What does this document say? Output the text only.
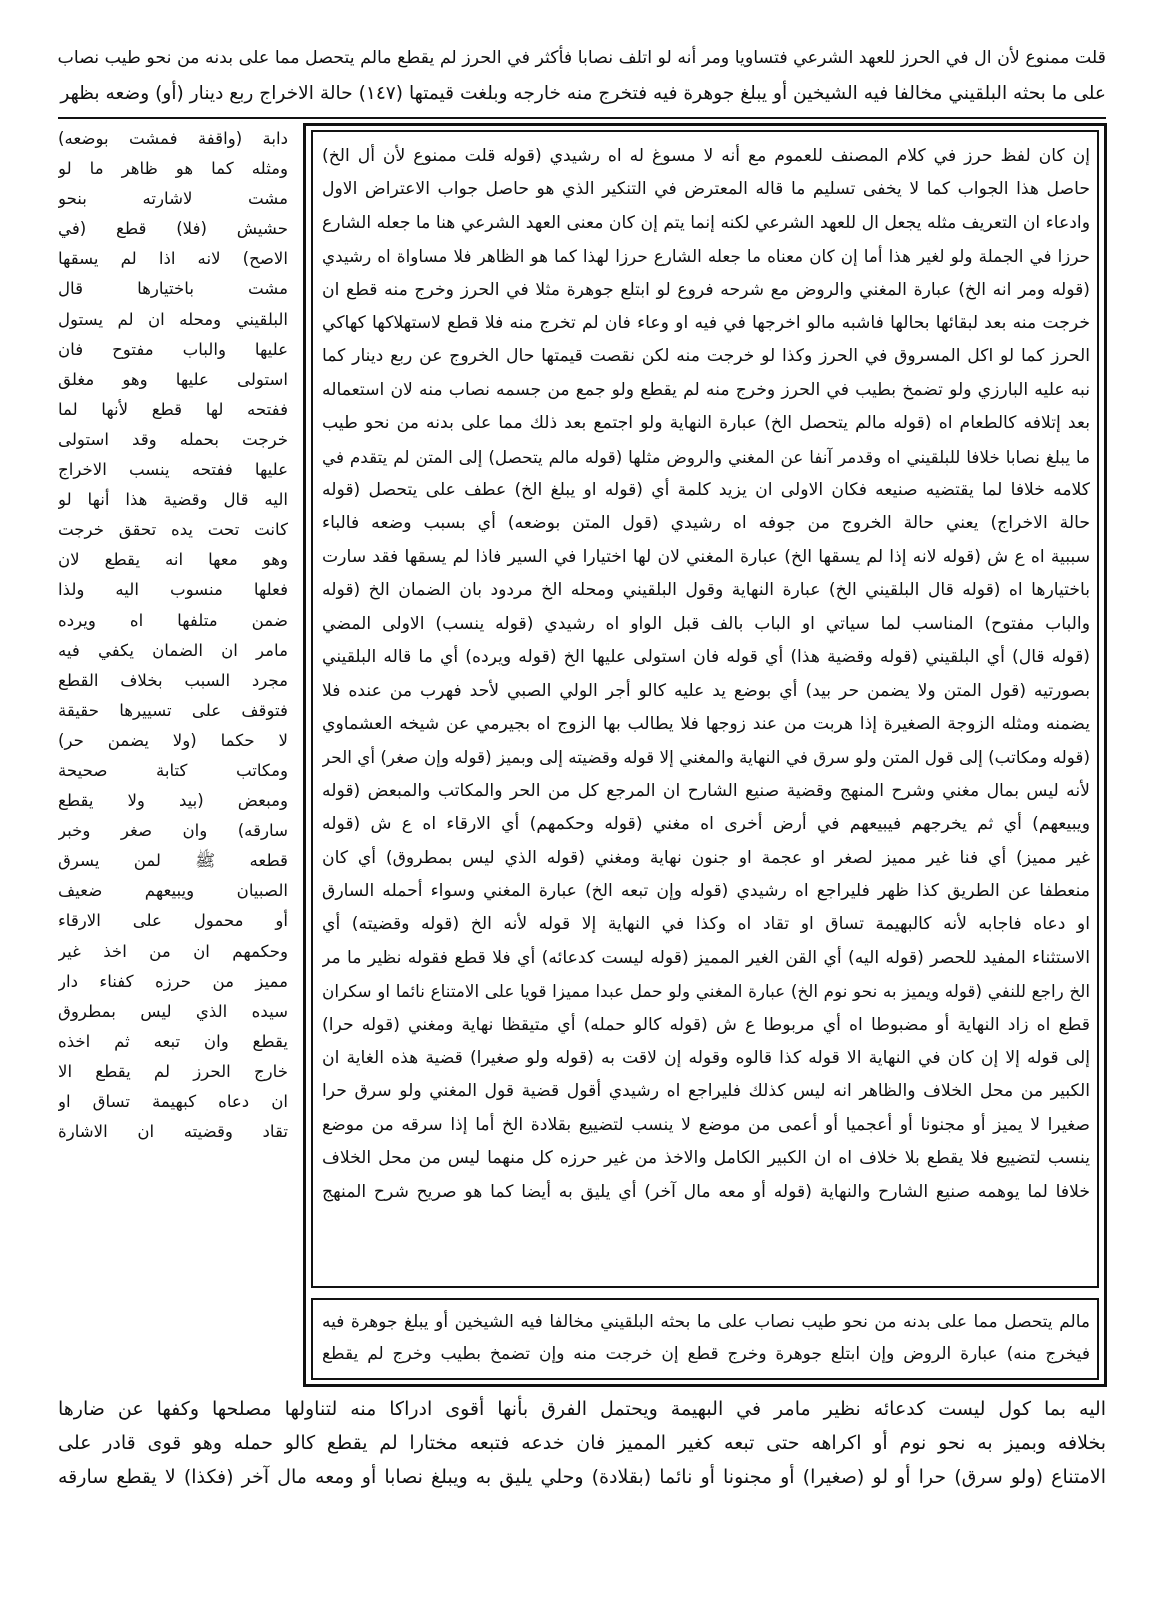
قلت ممنوع لأن ال في الحرز للعهد الشرعي فتساويا ومر أنه لو اتلف نصابا فأكثر في الحرز لم يقطع مالم يتحصل مما على بدنه من نحو طيب نصاب
على ما بحثه البلقيني مخالفا فيه الشيخين أو يبلغ جوهرة فيه فتخرج منه خارجه وبلغت قيمتها (١٤٧) حالة الاخراج ربع دينار (أو) وضعه بظهر
دابة (واقفة فمشت بوضعه)
ومثله كما هو ظاهر ما لو
مشت لاشارته بنحو
حشيش (فلا) قطع (في
الاصح) لانه اذا لم يسقها
مشت باختيارها قال
البلقيني ومحله ان لم يستول
عليها والباب مفتوح فان
استولى عليها وهو مغلق
ففتحه لها قطع لأنها لما
خرجت بحمله وقد استولى
عليها ففتحه ينسب الاخراج
اليه قال وقضية هذا أنها لو
كانت تحت يده تحقق خرجت
وهو معها انه يقطع لان
فعلها منسوب اليه ولذا
ضمن متلفها اه ويرده
مامر ان الضمان يكفي فيه
مجرد السبب بخلاف القطع
فتوقف على تسييرها حقيقة
لا حكما (ولا يضمن حر)
ومكاتب كتابة صحيحة
ومبعض (بيد ولا يقطع
سارقه) وان صغر وخبر
قطعه ﷺ لمن يسرق
الصبيان ويبيعهم ضعيف
أو محمول على الارقاء
وحكمهم ان من اخذ غير
مميز من حرزه كفناء دار
سيده الذي ليس بمطروق
يقطع وان تبعه ثم اخذه
خارج الحرز لم يقطع الا
ان دعاه كبهيمة تساق او
تقاد وقضيته ان الاشارة
إن كان لفظ حرز في كلام المصنف للعموم مع أنه لا مسوغ له اه رشيدي (قوله قلت ممنوع لأن أل الخ)
حاصل هذا الجواب كما لا يخفى تسليم ما قاله المعترض في التنكير الذي هو حاصل جواب الاعتراض الاول
وادعاء ان التعريف مثله يجعل ال للعهد الشرعي لكنه إنما يتم إن كان معنى العهد الشرعي هنا ما جعله الشارع
حرزا في الجملة ولو لغير هذا أما إن كان معناه ما جعله الشارع حرزا لهذا كما هو الظاهر فلا مساواة اه رشيدي
(قوله ومر انه الخ) عبارة المغني والروض مع شرحه فروع لو ابتلع جوهرة مثلا في الحرز وخرج منه قطع ان
خرجت منه بعد لبقائها بحالها فاشبه مالو اخرجها في فيه او وعاء فان لم تخرج منه فلا قطع لاستهلاكها كهاكي
الحرز كما لو اكل المسروق في الحرز وكذا لو خرجت منه لكن نقصت قيمتها حال الخروج عن ربع دينار كما
نبه عليه البارزي ولو تضمخ بطيب في الحرز وخرج منه لم يقطع ولو جمع من جسمه نصاب منه لان استعماله
بعد إتلافه كالطعام اه (قوله مالم يتحصل الخ) عبارة النهاية ولو اجتمع بعد ذلك مما على بدنه من نحو طيب
ما يبلغ نصابا خلافا للبلقيني اه وقدمر آنفا عن المغني والروض مثلها (قوله مالم يتحصل) إلى المتن لم يتقدم في
كلامه خلافا لما يقتضيه صنيعه فكان الاولى ان يزيد كلمة أي (قوله او يبلغ الخ) عطف على يتحصل (قوله
حالة الاخراج) يعني حالة الخروج من جوفه اه رشيدي (قول المتن بوضعه) أي بسبب وضعه فالباء
سببية اه ع ش (قوله لانه إذا لم يسقها الخ) عبارة المغني لان لها اختيارا في السير فاذا لم يسقها فقد سارت
باختيارها اه (قوله قال البلقيني الخ) عبارة النهاية وقول البلقيني ومحله الخ مردود بان الضمان الخ (قوله
والباب مفتوح) المناسب لما سياتي او الباب بالف قبل الواو اه رشيدي (قوله ينسب) الاولى المضي
(قوله قال) أي البلقيني (قوله وقضية هذا) أي قوله فان استولى عليها الخ (قوله ويرده) أي ما قاله البلقيني
بصورتيه (قول المتن ولا يضمن حر بيد) أي بوضع يد عليه كالو أجر الولي الصبي لأحد فهرب من عنده فلا
يضمنه ومثله الزوجة الصغيرة إذا هربت من عند زوجها فلا يطالب بها الزوج اه بجيرمي عن شيخه العشماوي
(قوله ومكاتب) إلى قول المتن ولو سرق في النهاية والمغني إلا قوله وقضيته إلى وبميز (قوله وإن صغر) أي الحر
لأنه ليس بمال مغني وشرح المنهج وقضية صنيع الشارح ان المرجع كل من الحر والمكاتب والمبعض (قوله
ويبيعهم) أي ثم يخرجهم فيبيعهم في أرض أخرى اه مغني (قوله وحكمهم) أي الارقاء اه ع ش (قوله
غير مميز) أي فنا غير مميز لصغر او عجمة او جنون نهاية ومغني (قوله الذي ليس بمطروق) أي كان
منعطفا عن الطريق كذا ظهر فليراجع اه رشيدي (قوله وإن تبعه الخ) عبارة المغني وسواء أحمله السارق
او دعاه فاجابه لأنه كالبهيمة تساق او تقاد اه وكذا في النهاية إلا قوله لأنه الخ (قوله وقضيته) أي
الاستثناء المفيد للحصر (قوله اليه) أي القن الغير المميز (قوله ليست كدعائه) أي فلا قطع فقوله نظير ما مر
الخ راجع للنفي (قوله ويميز به نحو نوم الخ) عبارة المغني ولو حمل عبدا مميزا قويا على الامتناع نائما او سكران
قطع اه زاد النهاية أو مضبوطا اه أي مربوطا ع ش (قوله كالو حمله) أي متيقظا نهاية ومغني (قوله حرا)
إلى قوله إلا إن كان في النهاية الا قوله كذا قالوه وقوله إن لاقت به (قوله ولو صغيرا) قضية هذه الغاية ان
الكبير من محل الخلاف والظاهر انه ليس كذلك فليراجع اه رشيدي أقول قضية قول المغني ولو سرق حرا
صغيرا لا يميز أو مجنونا أو أعجميا أو أعمى من موضع لا ينسب لتضييع بقلادة الخ أما إذا سرقه من موضع
ينسب لتضييع فلا يقطع بلا خلاف اه ان الكبير الكامل والاخذ من غير حرزه كل منهما ليس من محل الخلاف
خلافا لما يوهمه صنيع الشارح والنهاية (قوله أو معه مال آخر) أي يليق به أيضا كما هو صريح شرح المنهج
مالم يتحصل مما على بدنه من نحو طيب نصاب على ما بحثه البلقيني مخالفا فيه الشيخين أو يبلغ جوهرة فيه
فيخرج منه) عبارة الروض وإن ابتلع جوهرة وخرج قطع إن خرجت منه وإن تضمخ بطيب وخرج لم يقطع
اليه بما كول ليست كدعائه نظير مامر في البهيمة ويحتمل الفرق بأنها أقوى ادراكا منه لتناولها مصلحها وكفها عن ضارها
بخلافه وبميز به نحو نوم أو اكراهه حتى تبعه كغير المميز فان خدعه فتبعه مختارا لم يقطع كالو حمله وهو قوى قادر على
الامتناع (ولو سرق) حرا أو لو (صغيرا) أو مجنونا أو نائما (بقلادة) وحلي يليق به ويبلغ نصابا أو ومعه مال آخر (فكذا) لا يقطع سارقه
